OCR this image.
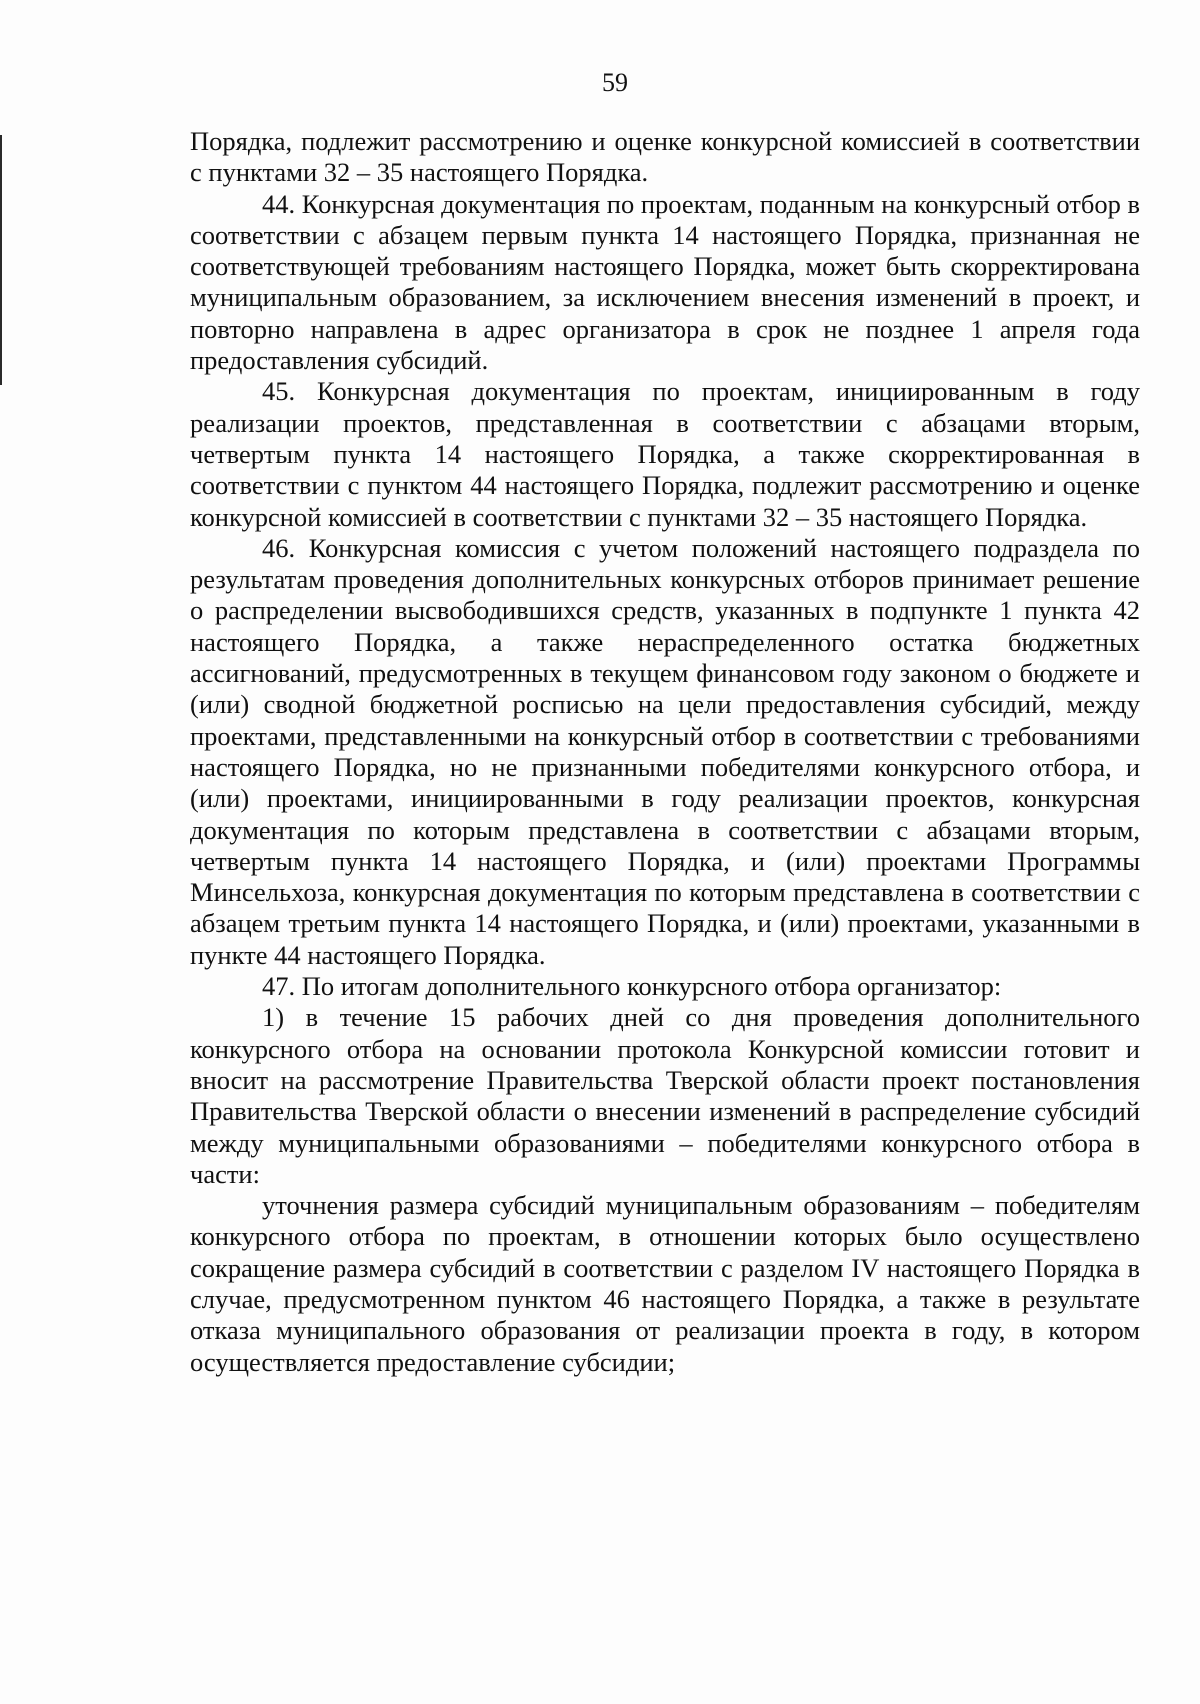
59

Порядка, подлежит рассмотрению и оценке конкурсной комиссией в соответствии с пунктами 32 – 35 настоящего Порядка.

44. Конкурсная документация по проектам, поданным на конкурсный отбор в соответствии с абзацем первым пункта 14 настоящего Порядка, признанная не соответствующей требованиям настоящего Порядка, может быть скорректирована муниципальным образованием, за исключением внесения изменений в проект, и повторно направлена в адрес организатора в срок не позднее 1 апреля года предоставления субсидий.

45. Конкурсная документация по проектам, инициированным в году реализации проектов, представленная в соответствии с абзацами вторым, четвертым пункта 14 настоящего Порядка, а также скорректированная в соответствии с пунктом 44 настоящего Порядка, подлежит рассмотрению и оценке конкурсной комиссией в соответствии с пунктами 32 – 35 настоящего Порядка.

46. Конкурсная комиссия с учетом положений настоящего подраздела по результатам проведения дополнительных конкурсных отборов принимает решение о распределении высвободившихся средств, указанных в подпункте 1 пункта 42 настоящего Порядка, а также нераспределенного остатка бюджетных ассигнований, предусмотренных в текущем финансовом году законом о бюджете и (или) сводной бюджетной росписью на цели предоставления субсидий, между проектами, представленными на конкурсный отбор в соответствии с требованиями настоящего Порядка, но не признанными победителями конкурсного отбора, и (или) проектами, инициированными в году реализации проектов, конкурсная документация по которым представлена в соответствии с абзацами вторым, четвертым пункта 14 настоящего Порядка, и (или) проектами Программы Минсельхоза, конкурсная документация по которым представлена в соответствии с абзацем третьим пункта 14 настоящего Порядка, и (или) проектами, указанными в пункте 44 настоящего Порядка.

47. По итогам дополнительного конкурсного отбора организатор:

1) в течение 15 рабочих дней со дня проведения дополнительного конкурсного отбора на основании протокола Конкурсной комиссии готовит и вносит на рассмотрение Правительства Тверской области проект постановления Правительства Тверской области о внесении изменений в распределение субсидий между муниципальными образованиями – победителями конкурсного отбора в части:

уточнения размера субсидий муниципальным образованиям – победителям конкурсного отбора по проектам, в отношении которых было осуществлено сокращение размера субсидий в соответствии с разделом IV настоящего Порядка в случае, предусмотренном пунктом 46 настоящего Порядка, а также в результате отказа муниципального образования от реализации проекта в году, в котором осуществляется предоставление субсидии;
